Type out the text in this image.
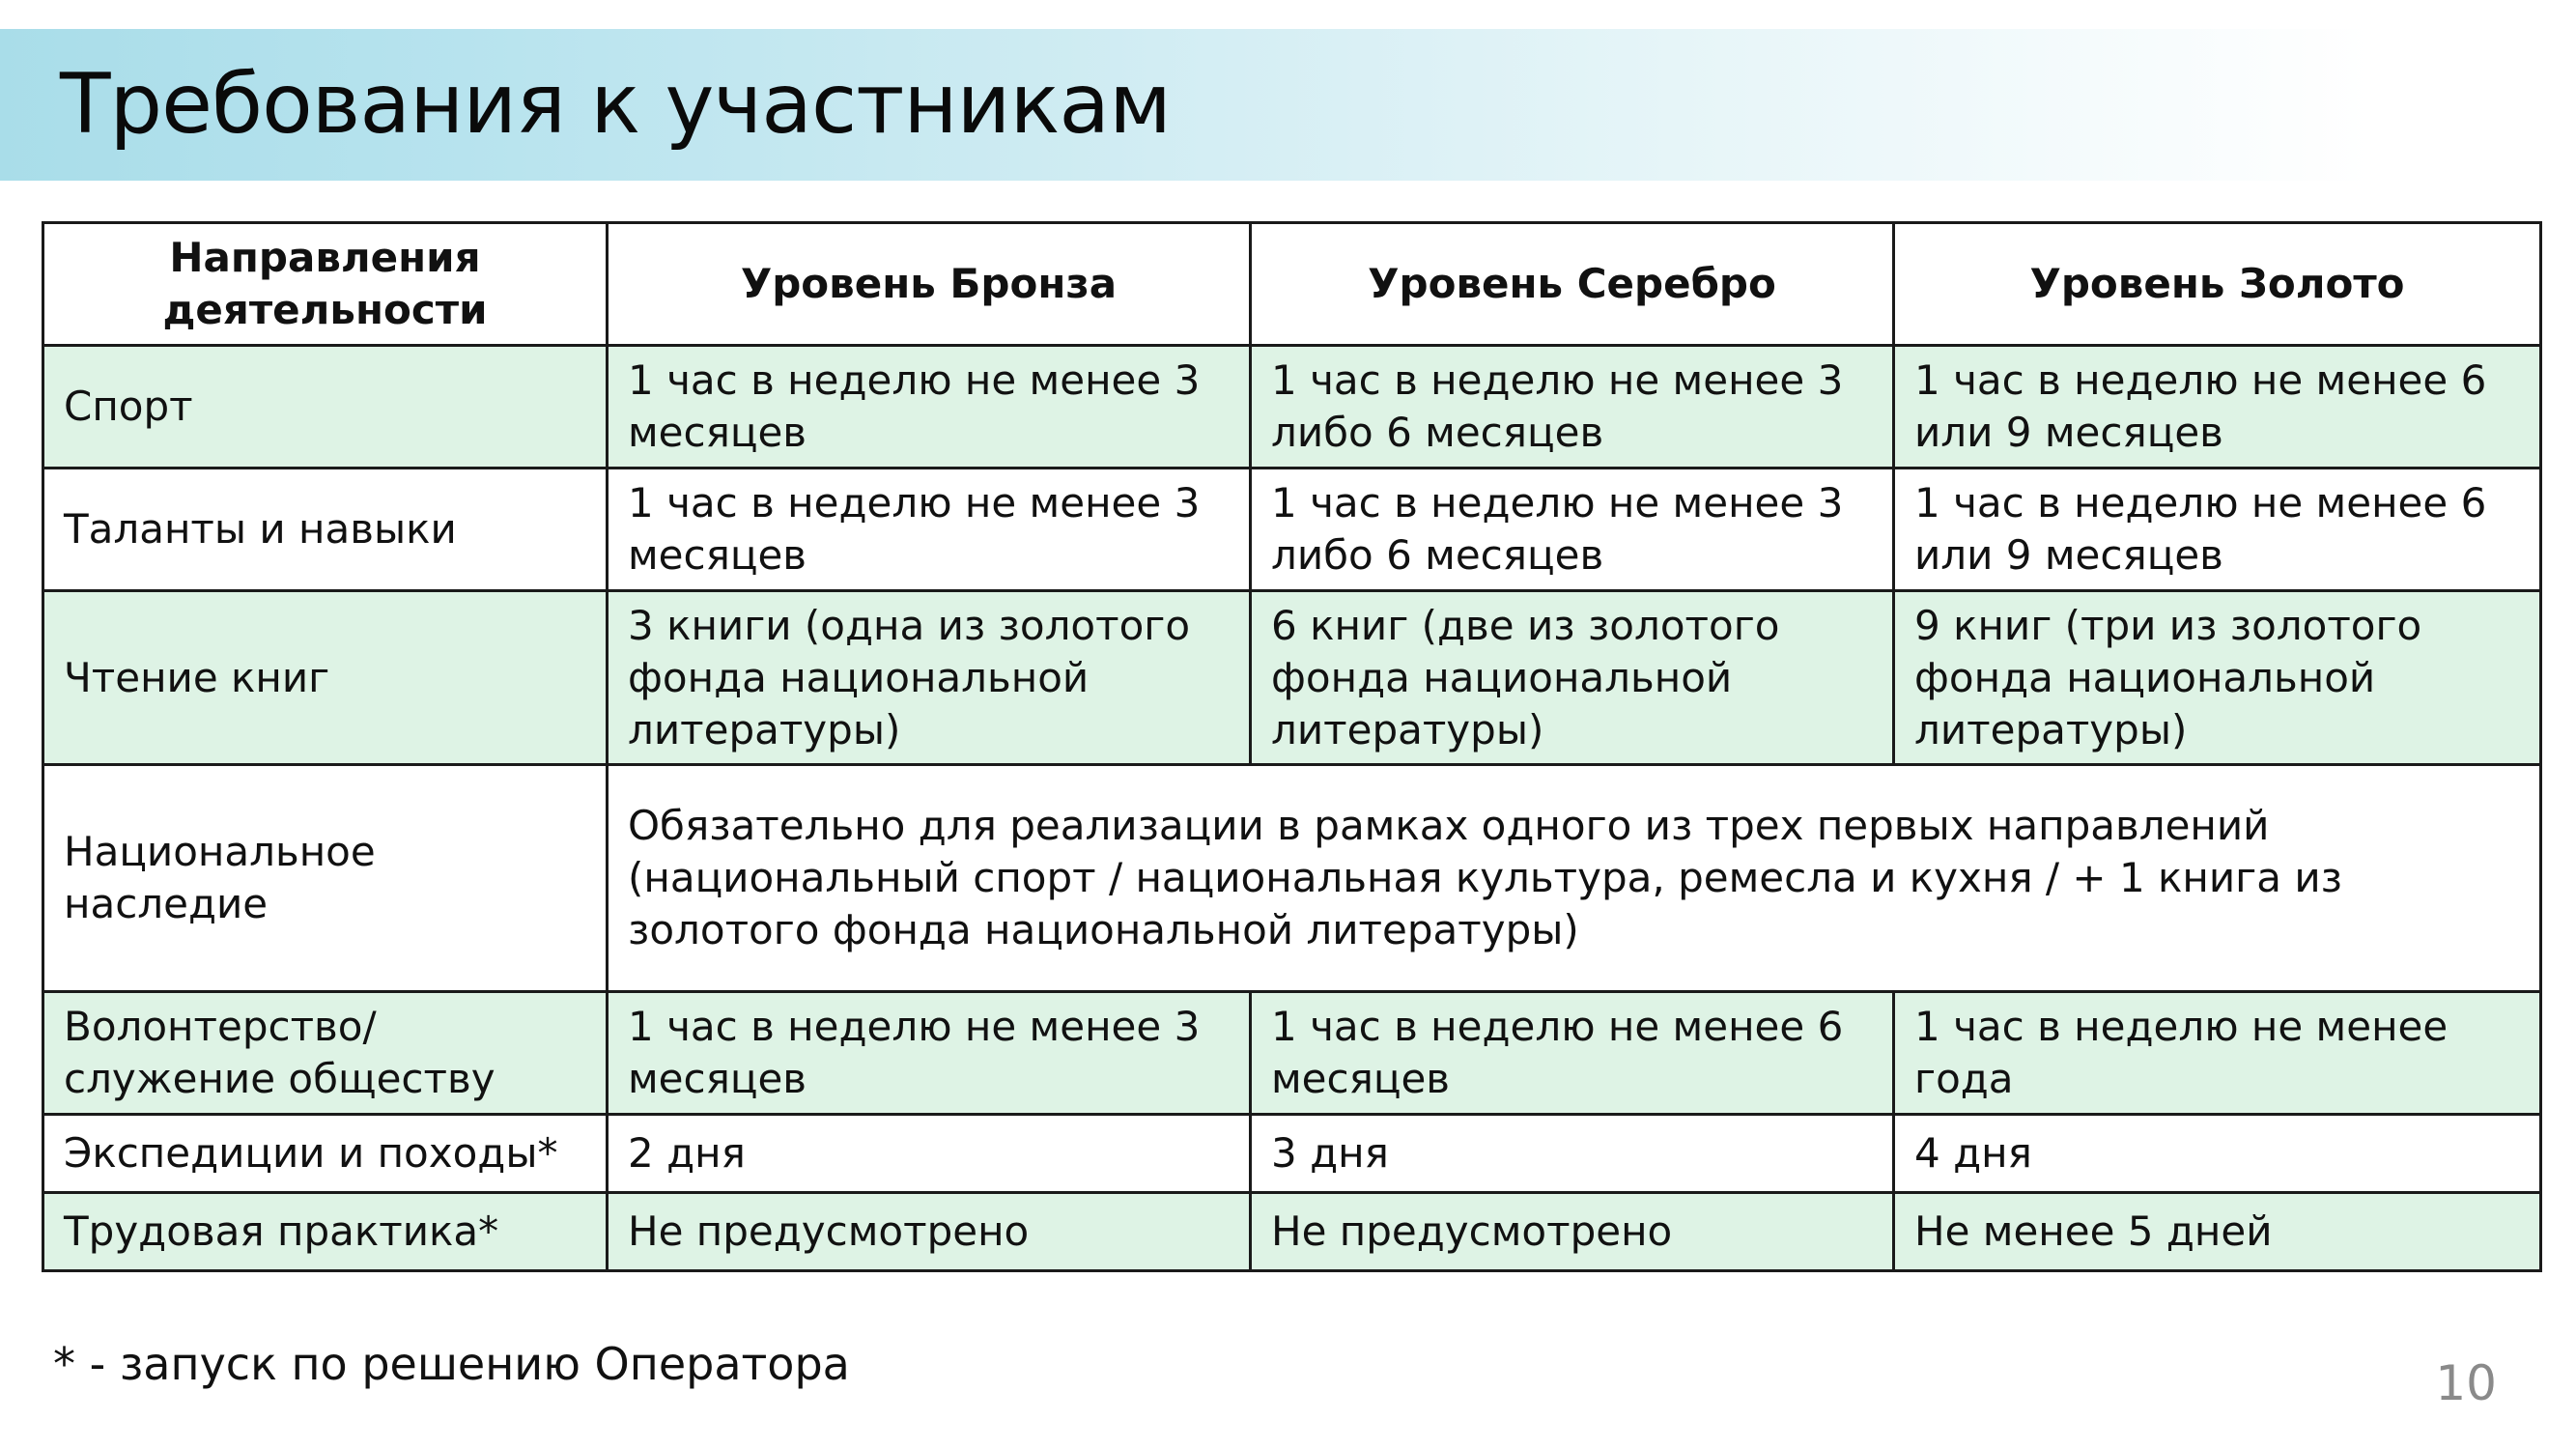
Требования к участникам
Направления деятельности	Уровень Бронза	Уровень Серебро	Уровень Золото
Спорт	1 час в неделю не менее 3 месяцев	1 час в неделю не менее 3 либо 6 месяцев	1 час в неделю не менее 6 или 9 месяцев
Таланты и навыки	1 час в неделю не менее 3 месяцев	1 час в неделю не менее 3 либо 6 месяцев	1 час в неделю не менее 6 или 9 месяцев
Чтение книг	3 книги (одна из золотого фонда национальной литературы)	6 книг (две из золотого фонда национальной литературы)	9 книг (три из золотого фонда национальной литературы)
Национальное наследие	Обязательно для реализации в рамках одного из трех первых направлений (национальный спорт / национальная культура, ремесла и кухня / + 1 книга из золотого фонда национальной литературы)		
Волонтерство/ служение обществу	1 час в неделю не менее 3 месяцев	1 час в неделю не менее 6 месяцев	1 час в неделю не менее года
Экспедиции и походы*	2 дня	3 дня	4 дня
Трудовая практика*	Не предусмотрено	Не предусмотрено	Не менее 5 дней
* - запуск по решению Оператора	10
